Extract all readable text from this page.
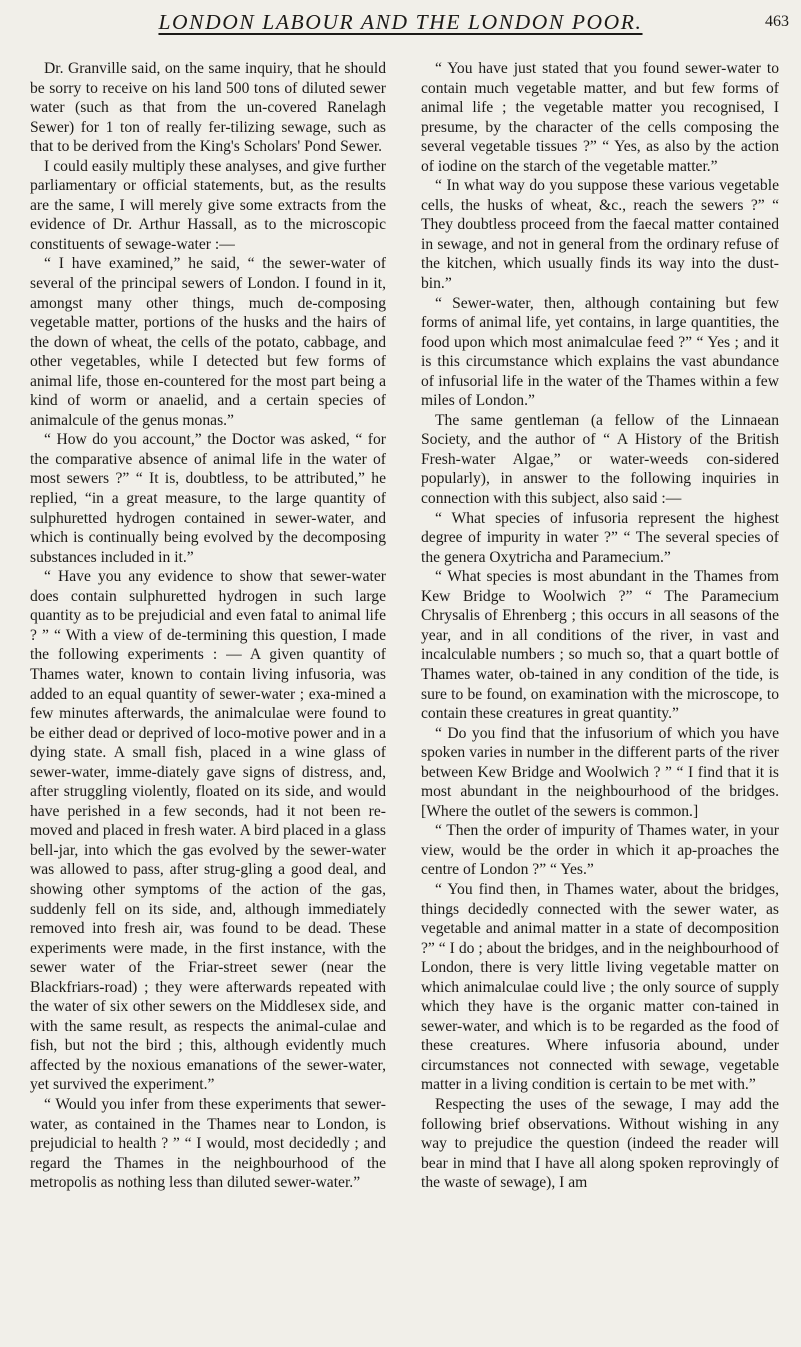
LONDON LABOUR AND THE LONDON POOR.	463

Dr. Granville said, on the same inquiry, that he should be sorry to receive on his land 500 tons of diluted sewer water (such as that from the un-covered Ranelagh Sewer) for 1 ton of really fer-tilizing sewage, such as that to be derived from the King's Scholars' Pond Sewer.

I could easily multiply these analyses, and give further parliamentary or official statements, but, as the results are the same, I will merely give some extracts from the evidence of Dr. Arthur Hassall, as to the microscopic constituents of sewage-water :—

“ I have examined,” he said, “ the sewer-water of several of the principal sewers of London. I found in it, amongst many other things, much de-composing vegetable matter, portions of the husks and the hairs of the down of wheat, the cells of the potato, cabbage, and other vegetables, while I detected but few forms of animal life, those en-countered for the most part being a kind of worm or anaelid, and a certain species of animalcule of the genus monas.”

“ How do you account,” the Doctor was asked, “ for the comparative absence of animal life in the water of most sewers ?” “ It is, doubtless, to be attributed,” he replied, “in a great measure, to the large quantity of sulphuretted hydrogen contained in sewer-water, and which is continually being evolved by the decomposing substances included in it.”

“ Have you any evidence to show that sewer-water does contain sulphuretted hydrogen in such large quantity as to be prejudicial and even fatal to animal life ? ” “ With a view of de-termining this question, I made the following experiments : — A given quantity of Thames water, known to contain living infusoria, was added to an equal quantity of sewer-water ; exa-mined a few minutes afterwards, the animalculae were found to be either dead or deprived of loco-motive power and in a dying state. A small fish, placed in a wine glass of sewer-water, imme-diately gave signs of distress, and, after struggling violently, floated on its side, and would have perished in a few seconds, had it not been re-moved and placed in fresh water. A bird placed in a glass bell-jar, into which the gas evolved by the sewer-water was allowed to pass, after strug-gling a good deal, and showing other symptoms of the action of the gas, suddenly fell on its side, and, although immediately removed into fresh air, was found to be dead. These experiments were made, in the first instance, with the sewer water of the Friar-street sewer (near the Blackfriars-road) ; they were afterwards repeated with the water of six other sewers on the Middlesex side, and with the same result, as respects the animal-culae and fish, but not the bird ; this, although evidently much affected by the noxious emanations of the sewer-water, yet survived the experiment.”

“ Would you infer from these experiments that sewer-water, as contained in the Thames near to London, is prejudicial to health ? ” “ I would, most decidedly ; and regard the Thames in the neighbourhood of the metropolis as nothing less than diluted sewer-water.”

“ You have just stated that you found sewer-water to contain much vegetable matter, and but few forms of animal life ; the vegetable matter you recognised, I presume, by the character of the cells composing the several vegetable tissues ?” “ Yes, as also by the action of iodine on the starch of the vegetable matter.”

“ In what way do you suppose these various vegetable cells, the husks of wheat, &c., reach the sewers ?” “ They doubtless proceed from the faecal matter contained in sewage, and not in general from the ordinary refuse of the kitchen, which usually finds its way into the dust-bin.”

“ Sewer-water, then, although containing but few forms of animal life, yet contains, in large quantities, the food upon which most animalculae feed ?” “ Yes ; and it is this circumstance which explains the vast abundance of infusorial life in the water of the Thames within a few miles of London.”

The same gentleman (a fellow of the Linnaean Society, and the author of “ A History of the British Fresh-water Algae,” or water-weeds con-sidered popularly), in answer to the following inquiries in connection with this subject, also said :—

“ What species of infusoria represent the highest degree of impurity in water ?” “ The several species of the genera Oxytricha and Paramecium.”

“ What species is most abundant in the Thames from Kew Bridge to Woolwich ?” “ The Paramecium Chrysalis of Ehrenberg ; this occurs in all seasons of the year, and in all conditions of the river, in vast and incalculable numbers ; so much so, that a quart bottle of Thames water, ob-tained in any condition of the tide, is sure to be found, on examination with the microscope, to contain these creatures in great quantity.”

“ Do you find that the infusorium of which you have spoken varies in number in the different parts of the river between Kew Bridge and Woolwich ? ” “ I find that it is most abundant in the neighbourhood of the bridges. [Where the outlet of the sewers is common.]

“ Then the order of impurity of Thames water, in your view, would be the order in which it ap-proaches the centre of London ?” “ Yes.”

“ You find then, in Thames water, about the bridges, things decidedly connected with the sewer water, as vegetable and animal matter in a state of decomposition ?” “ I do ; about the bridges, and in the neighbourhood of London, there is very little living vegetable matter on which animalculae could live ; the only source of supply which they have is the organic matter con-tained in sewer-water, and which is to be regarded as the food of these creatures. Where infusoria abound, under circumstances not connected with sewage, vegetable matter in a living condition is certain to be met with.”

Respecting the uses of the sewage, I may add the following brief observations. Without wishing in any way to prejudice the question (indeed the reader will bear in mind that I have all along spoken reprovingly of the waste of sewage), I am
